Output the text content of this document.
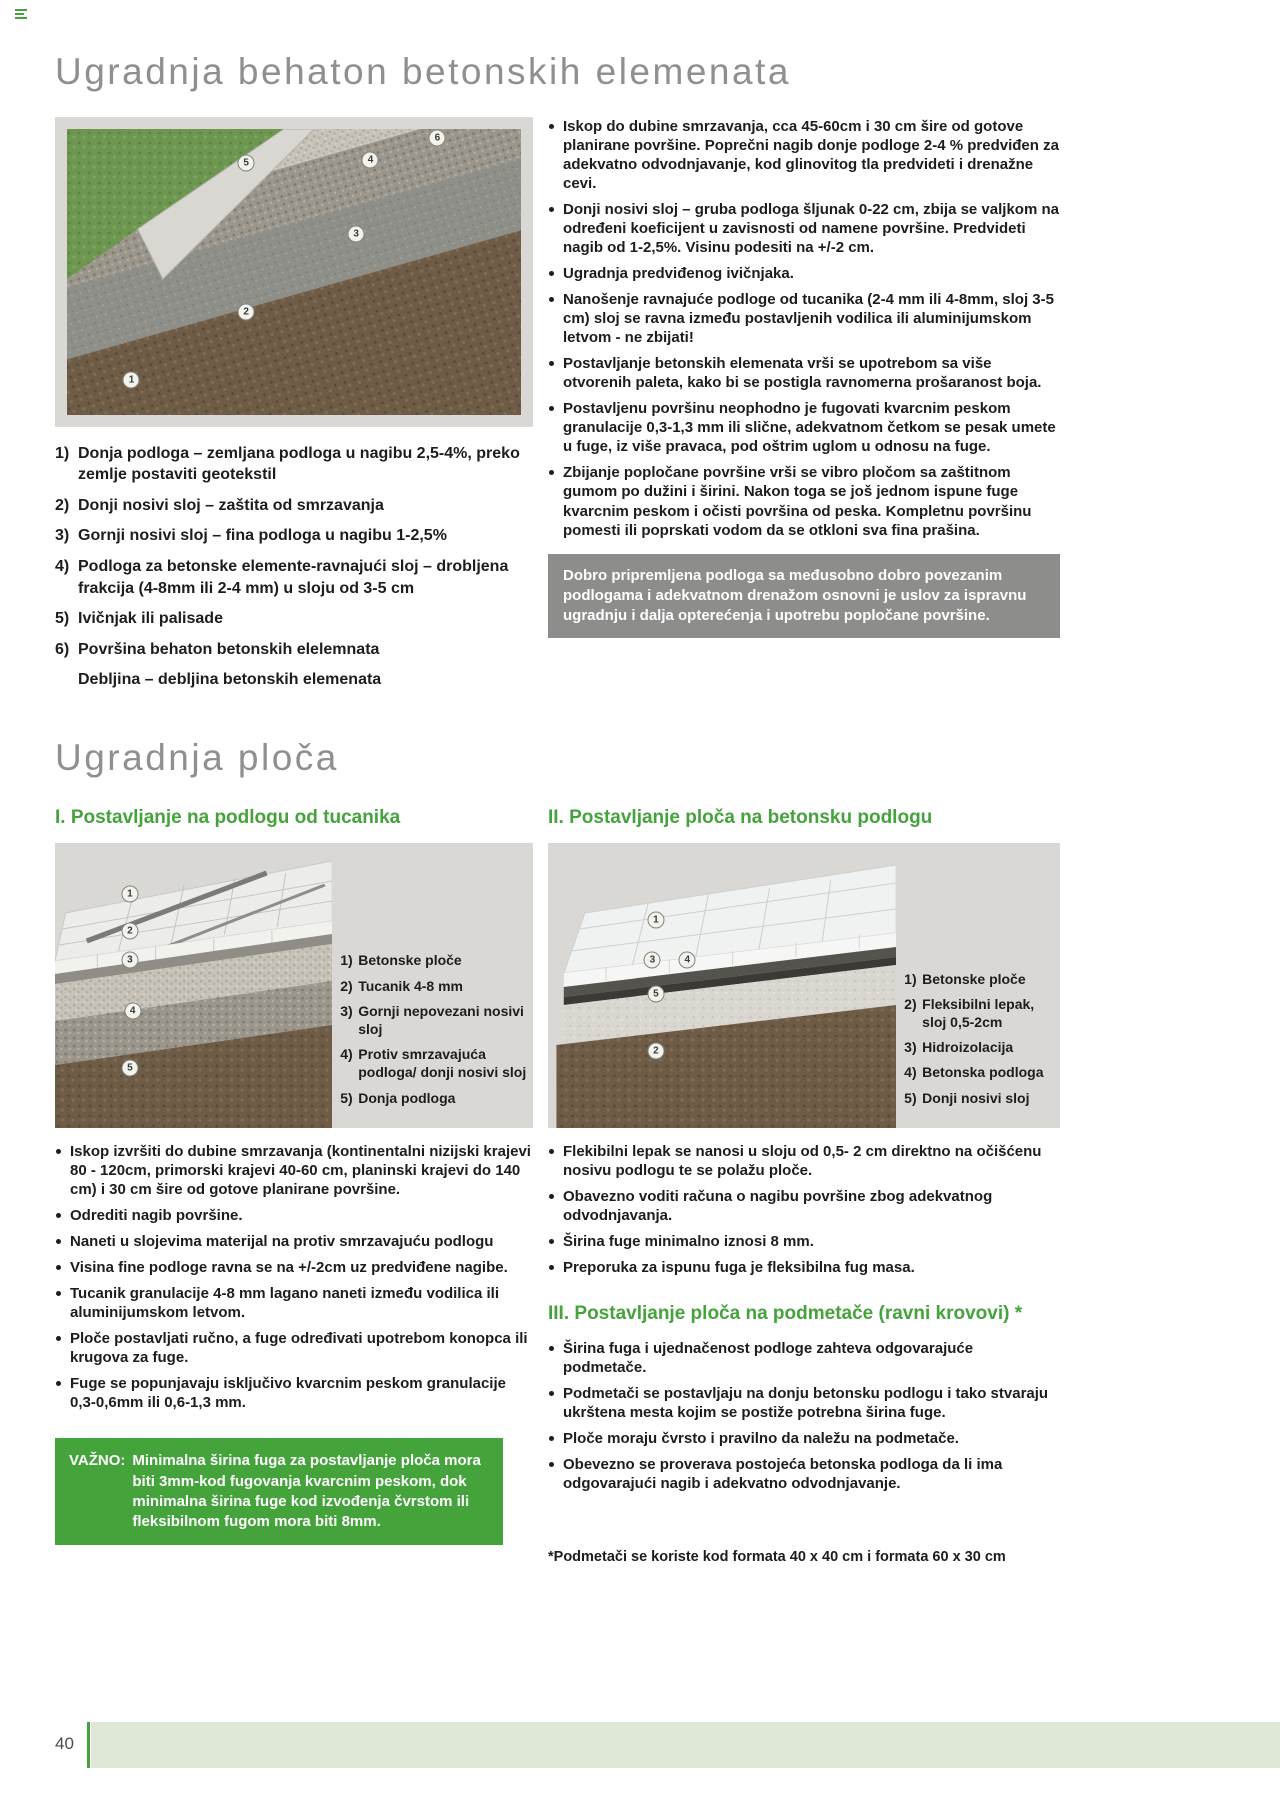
Ugradnja behaton betonskih elemenata
1
2
3
4
5
6
1) Donja podloga – zemljana podloga u nagibu 2,5-4%, preko zemlje postaviti geotekstil
2) Donji nosivi sloj – zaštita od smrzavanja
3) Gornji nosivi sloj – fina podloga u nagibu 1-2,5%
4) Podloga za betonske elemente-ravnajući sloj – drobljena frakcija (4-8mm ili 2-4 mm) u sloju od 3-5 cm
5) Ivičnjak ili palisade
6) Površina behaton betonskih elelemnata
Debljina – debljina betonskih elemenata
Iskop do dubine smrzavanja, cca 45-60cm i 30 cm šire od gotove planirane površine. Poprečni nagib donje podloge 2-4 % predviđen za adekvatno odvodnjavanje, kod glinovitog tla predvideti i drenažne cevi.
Donji nosivi sloj – gruba podloga šljunak 0-22 cm, zbija se valjkom na određeni koeficijent u zavisnosti od namene površine. Predvideti nagib od 1-2,5%. Visinu podesiti na +/-2 cm.
Ugradnja predviđenog ivičnjaka.
Nanošenje ravnajuće podloge od tucanika (2-4 mm ili 4-8mm, sloj 3-5 cm) sloj se ravna između postavljenih vodilica ili aluminijumskom letvom - ne zbijati!
Postavljanje betonskih elemenata vrši se upotrebom sa više otvorenih paleta, kako bi se postigla ravnomerna prošaranost boja.
Postavljenu površinu neophodno je fugovati kvarcnim peskom granulacije 0,3-1,3 mm ili slične, adekvatnom četkom se pesak umete u fuge, iz više pravaca, pod oštrim uglom u odnosu na fuge.
Zbijanje popločane površine vrši se vibro pločom sa zaštitnom gumom po dužini i širini. Nakon toga se još jednom ispune fuge kvarcnim peskom i očisti površina od peska. Kompletnu površinu pomesti ili poprskati vodom da se otkloni sva fina prašina.
Dobro pripremljena podloga sa međusobno dobro povezanim podlogama i adekvatnom drenažom osnovni je uslov za ispravnu ugradnju i dalja opterećenja i upotrebu popločane površine.
Ugradnja ploča
I. Postavljanje na podlogu od tucanika	II. Postavljanje ploča na betonsku podlogu
1
2
3
4
5
1) Betonske ploče
2) Tucanik 4-8 mm
3) Gornji nepovezani nosivi sloj
4) Protiv smrzavajuća podloga/ donji nosivi sloj
5) Donja podloga
1
3	4
5
2
1) Betonske ploče
2) Fleksibilni lepak, sloj 0,5-2cm
3) Hidroizolacija
4) Betonska podloga
5) Donji nosivi sloj
Iskop izvršiti do dubine smrzavanja (kontinentalni nizijski krajevi 80 - 120cm, primorski krajevi 40-60 cm, planinski krajevi do 140 cm) i 30 cm šire od gotove planirane površine.
Odrediti nagib površine.
Naneti u slojevima materijal na protiv smrzavajuću podlogu
Visina fine podloge ravna se na +/-2cm uz predviđene nagibe.
Tucanik granulacije 4-8 mm lagano naneti između vodilica ili aluminijumskom letvom.
Ploče postavljati ručno, a fuge određivati upotrebom konopca ili krugova za fuge.
Fuge se popunjavaju isključivo kvarcnim peskom granulacije 0,3-0,6mm ili 0,6-1,3 mm.
VAŽNO: Minimalna širina fuga za postavljanje ploča mora biti 3mm-kod fugovanja kvarcnim peskom, dok minimalna širina fuge kod izvođenja čvrstom ili fleksibilnom fugom mora biti 8mm.
Flekibilni lepak se nanosi u sloju od 0,5- 2 cm direktno na očišćenu nosivu podlogu te se polažu ploče.
Obavezno voditi računa o nagibu površine zbog adekvatnog odvodnjavanja.
Širina fuge minimalno iznosi 8 mm.
Preporuka za ispunu fuga je fleksibilna fug masa.
III. Postavljanje ploča na podmetače (ravni krovovi) *
Širina fuga i ujednačenost podloge zahteva odgovarajuće podmetače.
Podmetači se postavljaju na donju betonsku podlogu i tako stvaraju ukrštena mesta kojim se postiže potrebna širina fuge.
Ploče moraju čvrsto i pravilno da naležu na podmetače.
Obevezno se proverava postojeća betonska podloga da li ima odgovarajući nagib i adekvatno odvodnjavanje.
*Podmetači se koriste kod formata 40 x 40 cm i formata 60 x 30 cm
40
